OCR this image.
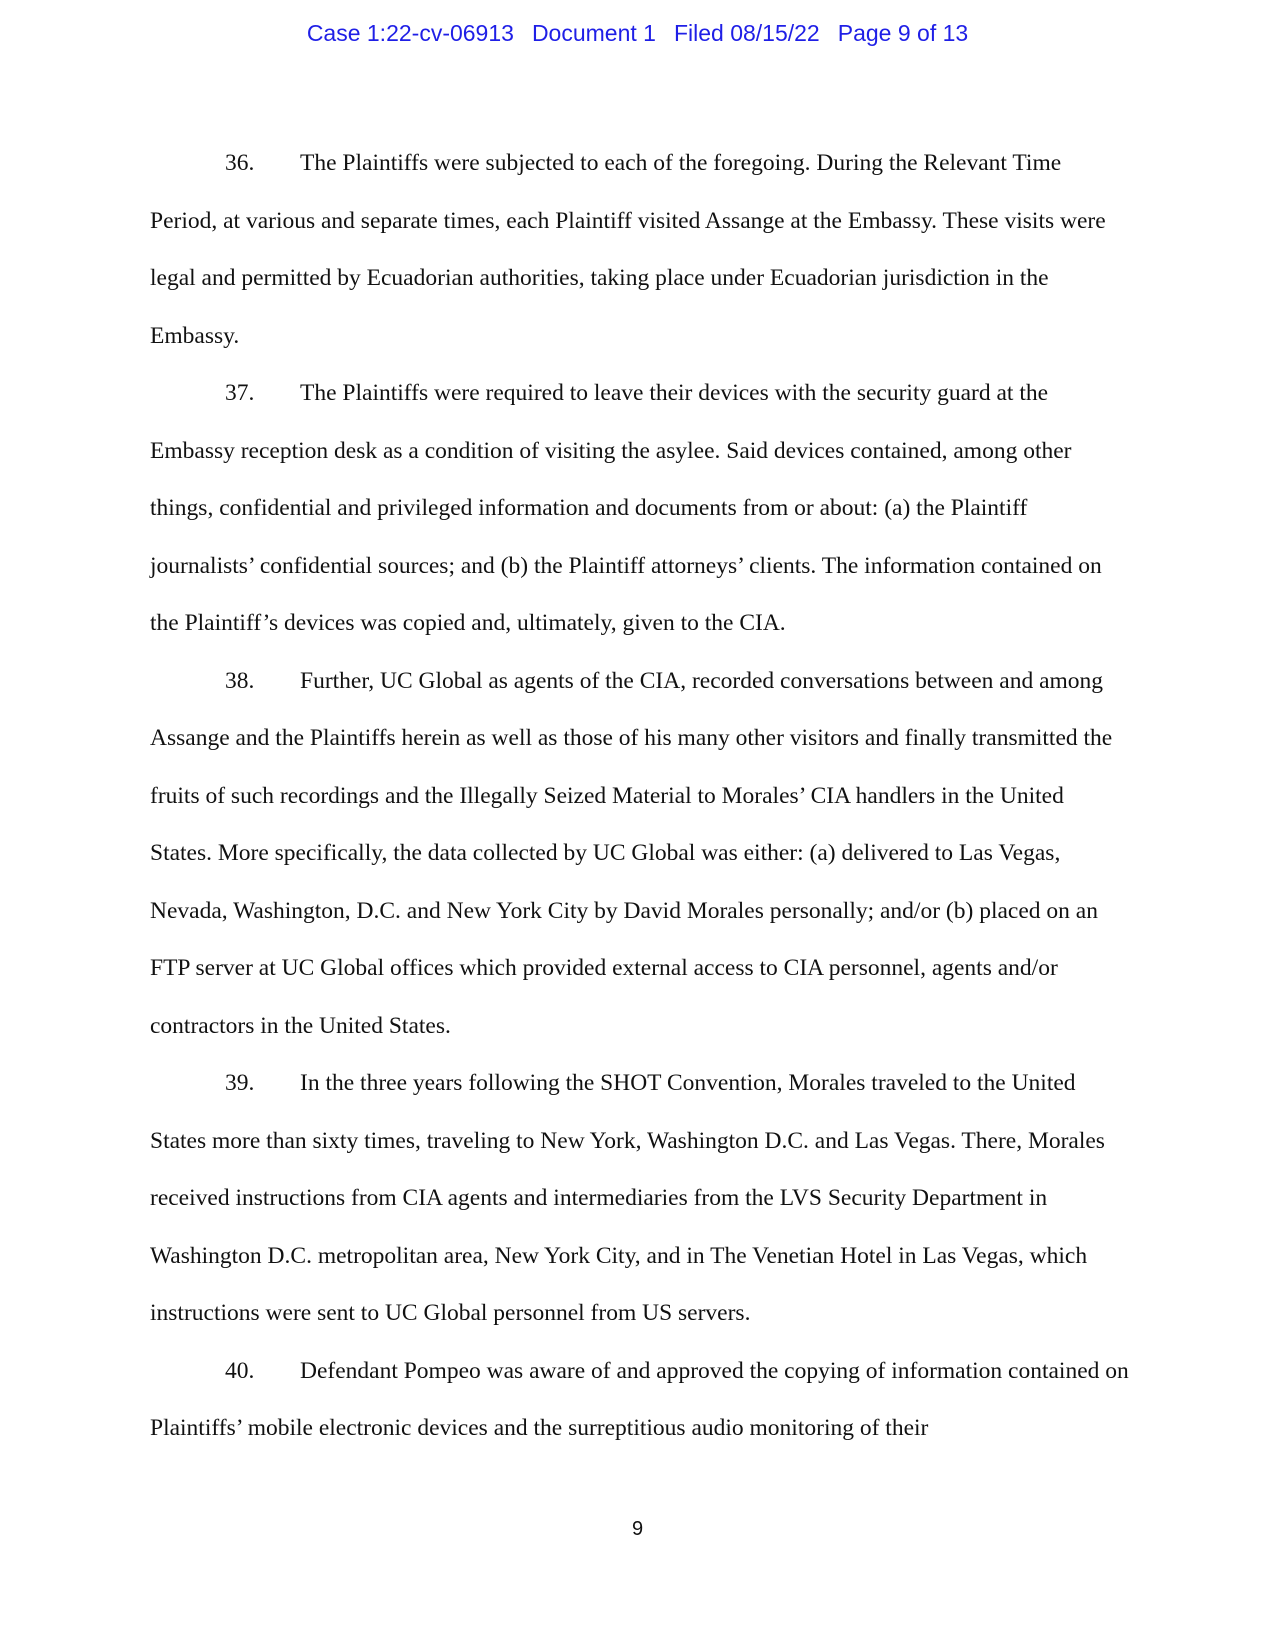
Case 1:22-cv-06913 Document 1 Filed 08/15/22 Page 9 of 13

36. The Plaintiffs were subjected to each of the foregoing. During the Relevant Time Period, at various and separate times, each Plaintiff visited Assange at the Embassy. These visits were legal and permitted by Ecuadorian authorities, taking place under Ecuadorian jurisdiction in the Embassy.

37. The Plaintiffs were required to leave their devices with the security guard at the Embassy reception desk as a condition of visiting the asylee. Said devices contained, among other things, confidential and privileged information and documents from or about: (a) the Plaintiff journalists’ confidential sources; and (b) the Plaintiff attorneys’ clients. The information contained on the Plaintiff’s devices was copied and, ultimately, given to the CIA.

38. Further, UC Global as agents of the CIA, recorded conversations between and among Assange and the Plaintiffs herein as well as those of his many other visitors and finally transmitted the fruits of such recordings and the Illegally Seized Material to Morales’ CIA handlers in the United States. More specifically, the data collected by UC Global was either: (a) delivered to Las Vegas, Nevada, Washington, D.C. and New York City by David Morales personally; and/or (b) placed on an FTP server at UC Global offices which provided external access to CIA personnel, agents and/or contractors in the United States.

39. In the three years following the SHOT Convention, Morales traveled to the United States more than sixty times, traveling to New York, Washington D.C. and Las Vegas. There, Morales received instructions from CIA agents and intermediaries from the LVS Security Department in Washington D.C. metropolitan area, New York City, and in The Venetian Hotel in Las Vegas, which instructions were sent to UC Global personnel from US servers.

40. Defendant Pompeo was aware of and approved the copying of information contained on Plaintiffs’ mobile electronic devices and the surreptitious audio monitoring of their

9
